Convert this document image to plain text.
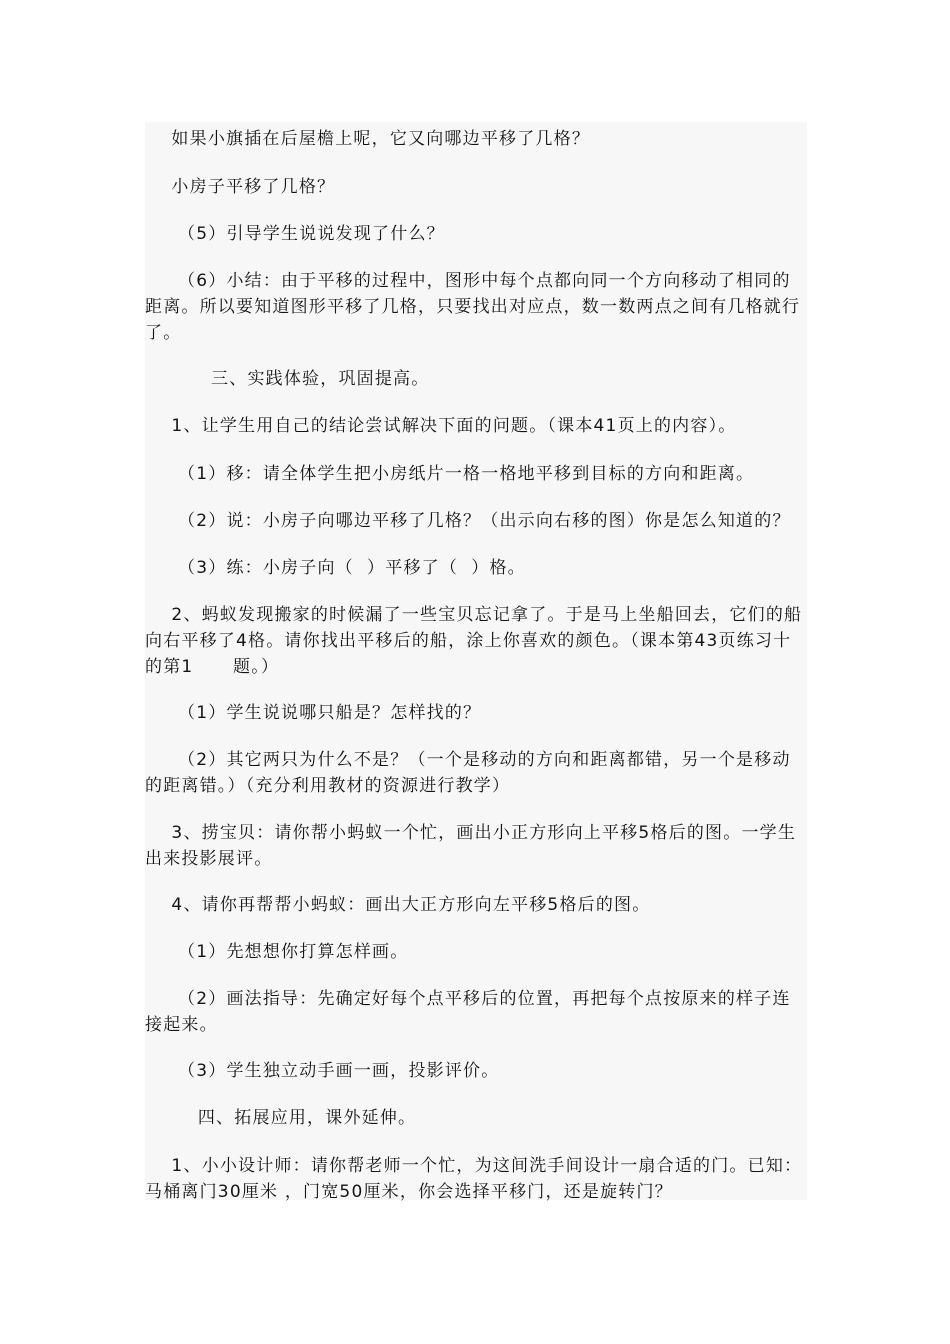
如果小旗插在后屋檐上呢，它又向哪边平移了几格？

小房子平移了几格？

（5）引导学生说说发现了什么？

（6）小结：由于平移的过程中，图形中每个点都向同一个方向移动了相同的距离。所以要知道图形平移了几格，只要找出对应点，数一数两点之间有几格就行了。

三、实践体验，巩固提高。

1、让学生用自己的结论尝试解决下面的问题。（课本41页上的内容）。

（1）移：请全体学生把小房纸片一格一格地平移到目标的方向和距离。

（2）说：小房子向哪边平移了几格？（出示向右移的图）你是怎么知道的？

（3）练：小房子向（  ）平移了（  ）格。

2、蚂蚁发现搬家的时候漏了一些宝贝忘记拿了。于是马上坐船回去，它们的船向右平移了4格。请你找出平移后的船，涂上你喜欢的颜色。（课本第43页练习十的第1      题。）

（1）学生说说哪只船是？怎样找的？

（2）其它两只为什么不是？（一个是移动的方向和距离都错，另一个是移动的距离错。）（充分利用教材的资源进行教学）

3、捞宝贝：请你帮小蚂蚁一个忙，画出小正方形向上平移5格后的图。一学生出来投影展评。

4、请你再帮帮小蚂蚁：画出大正方形向左平移5格后的图。

（1）先想想你打算怎样画。

（2）画法指导：先确定好每个点平移后的位置，再把每个点按原来的样子连接起来。

（3）学生独立动手画一画，投影评价。

四、拓展应用，课外延伸。

1、小小设计师：请你帮老师一个忙，为这间洗手间设计一扇合适的门。已知：马桶离门30厘米 ，门宽50厘米，你会选择平移门，还是旋转门？
